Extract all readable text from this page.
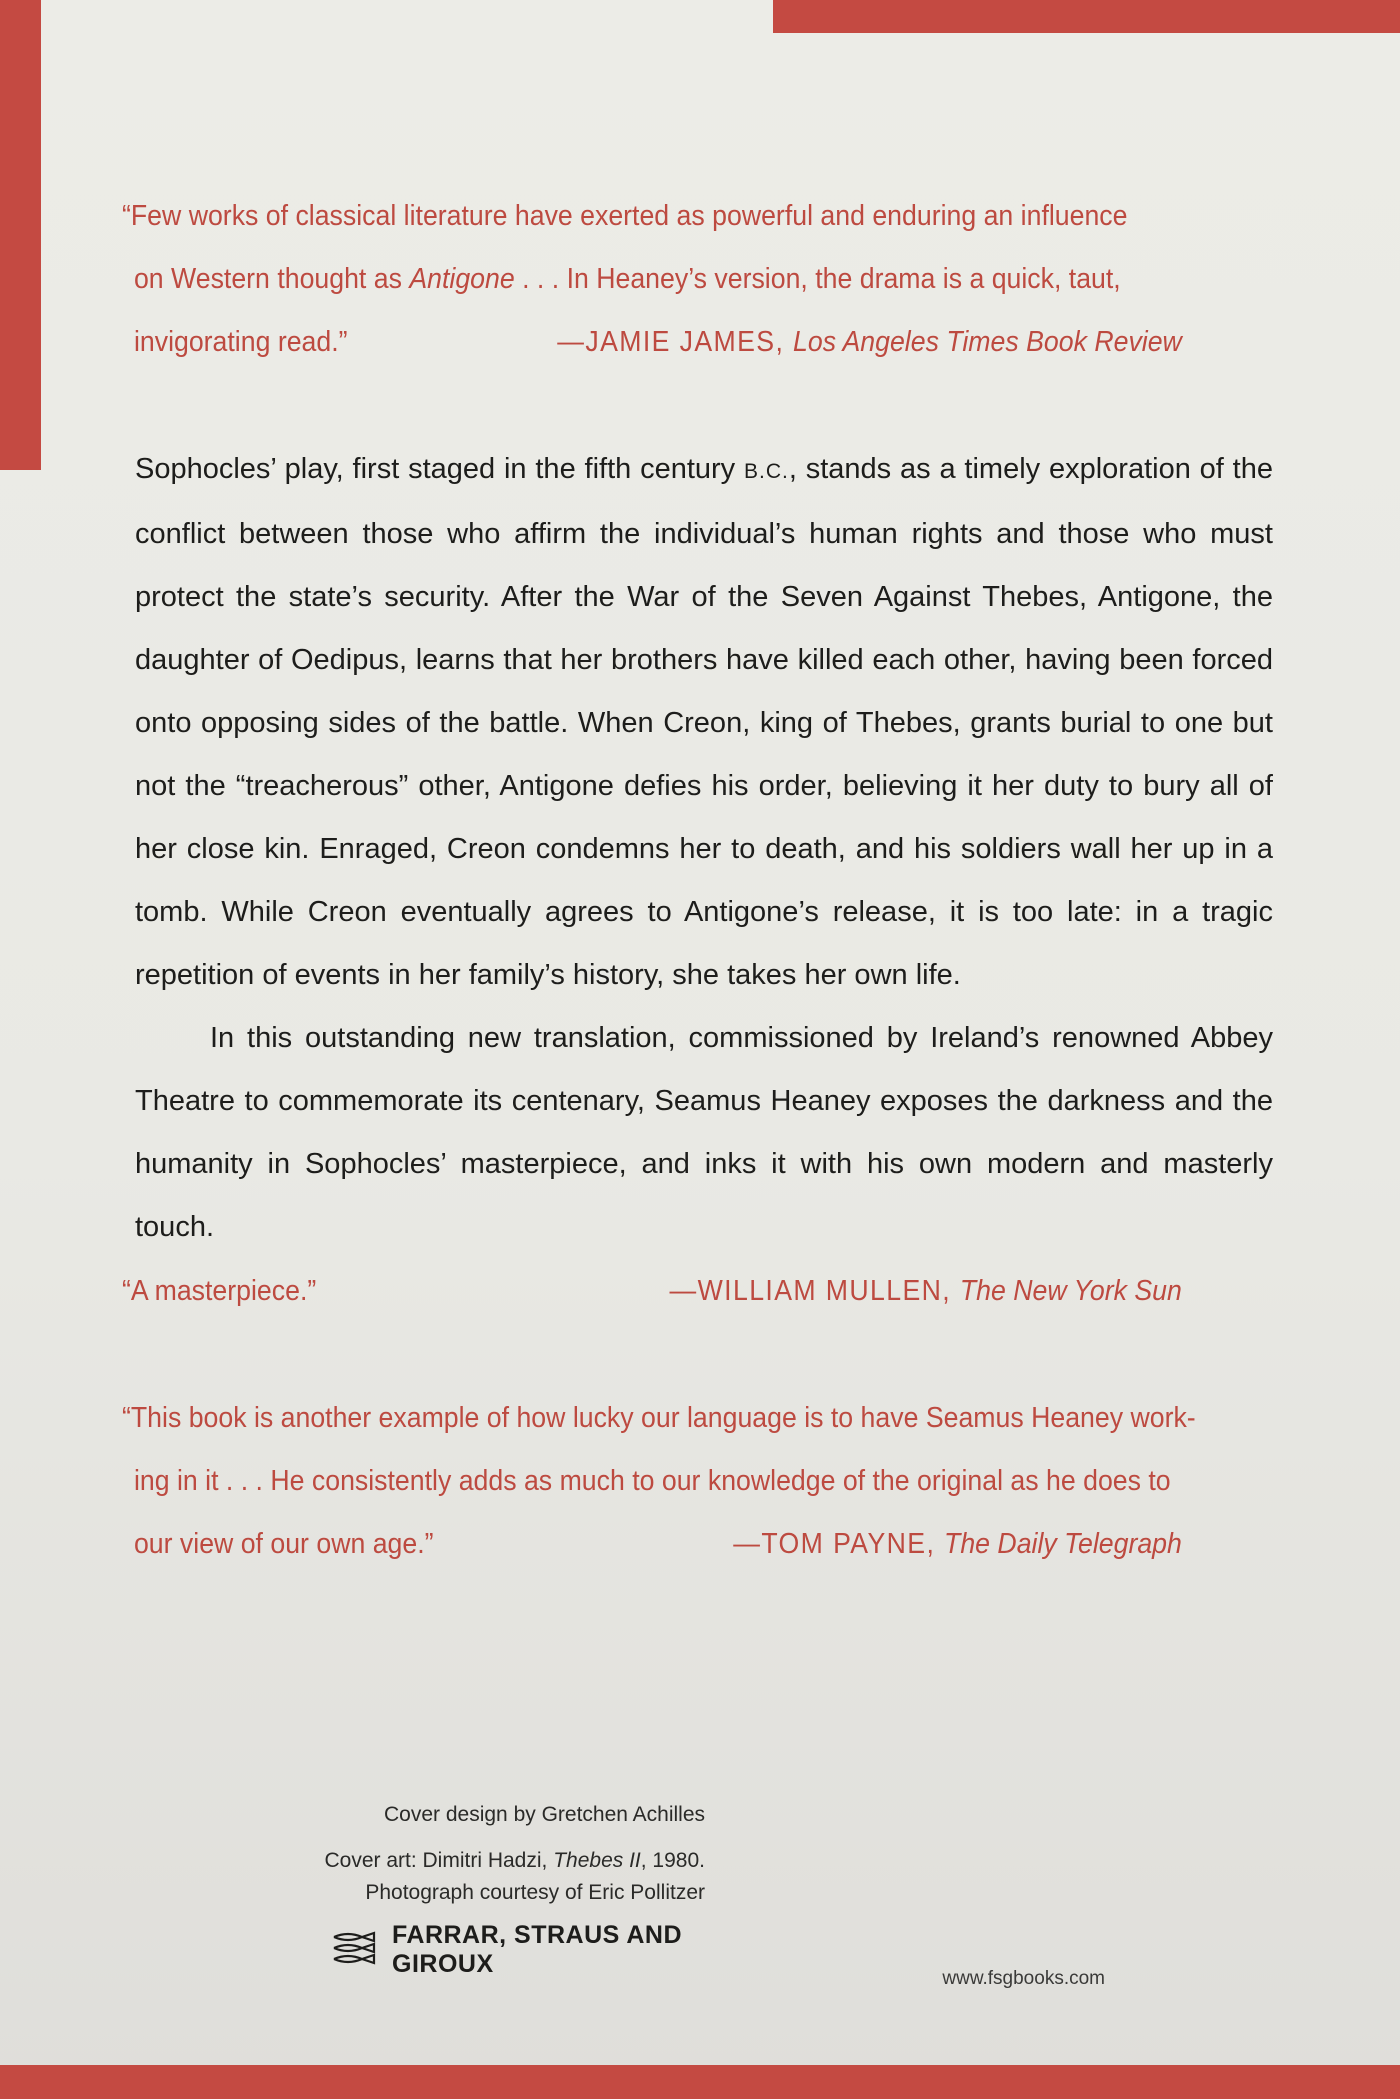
“Few works of classical literature have exerted as powerful and enduring an influence
on Western thought as Antigone . . . In Heaney’s version, the drama is a quick, taut,
invigorating read.”	—JAMIE JAMES, Los Angeles Times Book Review

Sophocles’ play, first staged in the fifth century B.C., stands as a timely exploration of the conflict between those who affirm the individual’s human rights and those who must protect the state’s security. After the War of the Seven Against Thebes, Antigone, the daughter of Oedipus, learns that her brothers have killed each other, having been forced onto opposing sides of the battle. When Creon, king of Thebes, grants burial to one but not the “treacherous” other, Antigone defies his order, believing it her duty to bury all of her close kin. Enraged, Creon condemns her to death, and his soldiers wall her up in a tomb. While Creon eventually agrees to Antigone’s release, it is too late: in a tragic repetition of events in her family’s history, she takes her own life.

In this outstanding new translation, commissioned by Ireland’s renowned Abbey Theatre to commemorate its centenary, Seamus Heaney exposes the darkness and the humanity in Sophocles’ masterpiece, and inks it with his own modern and masterly touch.

“A masterpiece.”	—WILLIAM MULLEN, The New York Sun
“This book is another example of how lucky our language is to have Seamus Heaney work-
ing in it . . . He consistently adds as much to our knowledge of the original as he does to
our view of our own age.”	—TOM PAYNE, The Daily Telegraph
Cover design by Gretchen Achilles
Cover art: Dimitri Hadzi, Thebes II, 1980.
Photograph courtesy of Eric Pollitzer
FARRAR, STRAUS AND GIROUX
www.fsgbooks.com
